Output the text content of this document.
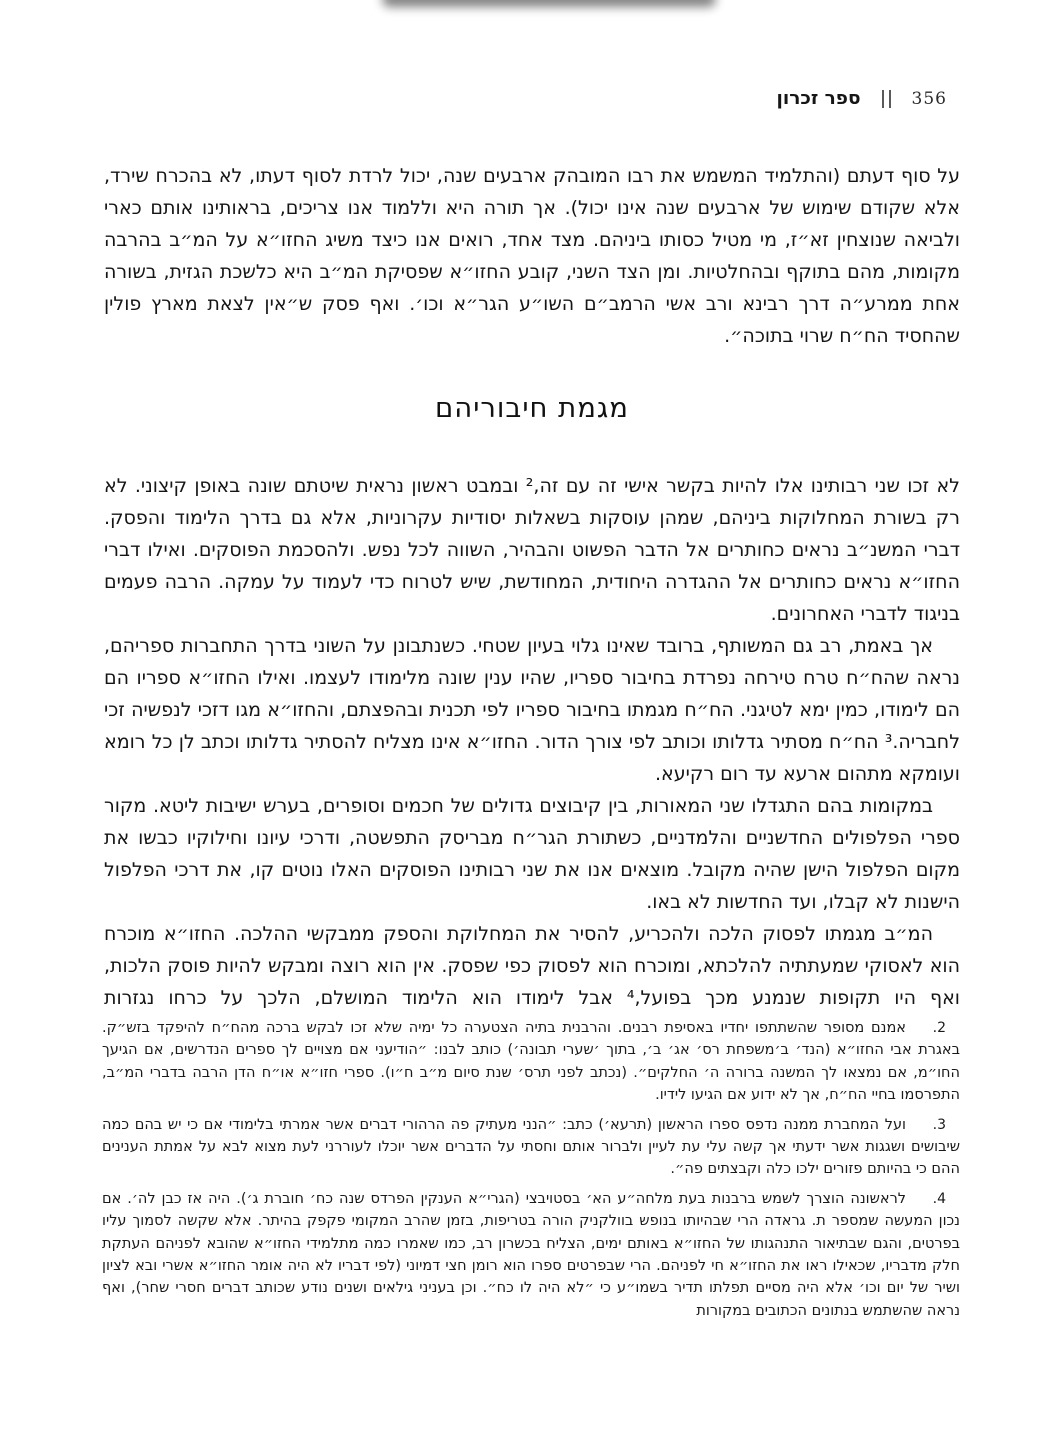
356
ספר זכרון

על סוף דעתם (והתלמיד המשמש את רבו המובהק ארבעים שנה, יכול לרדת לסוף דעתו, לא בהכרח שירד, אלא שקודם שימוש של ארבעים שנה אינו יכול). אך תורה היא וללמוד אנו צריכים, בראותינו אותם כארי ולביאה שנוצחין זא״ז, מי מטיל כסותו ביניהם. מצד אחד, רואים אנו כיצד משיג החזו״א על המ״ב בהרבה מקומות, מהם בתוקף ובהחלטיות. ומן הצד השני, קובע החזו״א שפסיקת המ״ב היא כלשכת הגזית, בשורה אחת ממרע״ה דרך רבינא ורב אשי הרמב״ם השו״ע הגר״א וכו׳. ואף פסק ש״אין לצאת מארץ פולין שהחסיד הח״ח שרוי בתוכה״.

מגמת חיבוריהם

לא זכו שני רבותינו אלו להיות בקשר אישי זה עם זה,² ובמבט ראשון נראית שיטתם שונה באופן קיצוני. לא רק בשורת המחלוקות ביניהם, שמהן עוסקות בשאלות יסודיות עקרוניות, אלא גם בדרך הלימוד והפסק. דברי המשנ״ב נראים כחותרים אל הדבר הפשוט והבהיר, השווה לכל נפש. ולהסכמת הפוסקים. ואילו דברי החזו״א נראים כחותרים אל ההגדרה היחודית, המחודשת, שיש לטרוח כדי לעמוד על עמקה. הרבה פעמים בניגוד לדברי האחרונים.

אך באמת, רב גם המשותף, ברובד שאינו גלוי בעיון שטחי. כשנתבונן על השוני בדרך התחברות ספריהם, נראה שהח״ח טרח טירחה נפרדת בחיבור ספריו, שהיו ענין שונה מלימודו לעצמו. ואילו החזו״א ספריו הם הם לימודו, כמין ימא לטיגני. הח״ח מגמתו בחיבור ספריו לפי תכנית ובהפצתם, והחזו״א מגו דזכי לנפשיה זכי לחבריה.³ הח״ח מסתיר גדלותו וכותב לפי צורך הדור. החזו״א אינו מצליח להסתיר גדלותו וכתב לן כל רומא ועומקא מתהום ארעא עד רום רקיעא.

במקומות בהם התגדלו שני המאורות, בין קיבוצים גדולים של חכמים וסופרים, בערש ישיבות ליטא. מקור ספרי הפלפולים החדשניים והלמדניים, כשתורת הגר״ח מבריסק התפשטה, ודרכי עיונו וחילוקיו כבשו את מקום הפלפול הישן שהיה מקובל. מוצאים אנו את שני רבותינו הפוסקים האלו נוטים קו, את דרכי הפלפול הישנות לא קבלו, ועד החדשות לא באו.

המ״ב מגמתו לפסוק הלכה ולהכריע, להסיר את המחלוקת והספק ממבקשי ההלכה. החזו״א מוכרח הוא לאסוקי שמעתתיה להלכתא, ומוכרח הוא לפסוק כפי שפסק. אין הוא רוצה ומבקש להיות פוסק הלכות, ואף היו תקופות שנמנע מכך בפועל,⁴ אבל לימודו הוא הלימוד המושלם, הלכך על כרחו נגזרות

2.
אמנם מסופר שהשתתפו יחדיו באסיפת רבנים. והרבנית בתיה הצטערה כל ימיה שלא זכו לבקש ברכה מהח״ח להיפקד בזש״ק. באגרת אבי החזו״א (הנד׳ ב׳משפחת רס׳ אג׳ ב׳, בתוך ׳שערי תבונה׳) כותב לבנו: ״הודיעני אם מצויים לך ספרים הנדרשים, אם הגיעך החו״מ, אם נמצאו לך המשנה ברורה ה׳ החלקים״. (נכתב לפני תרס׳ שנת סיום מ״ב ח״ו). ספרי חזו״א או״ח הדן הרבה בדברי המ״ב, התפרסמו בחיי הח״ח, אך לא ידוע אם הגיעו לידיו.
3.
ועל המחברת ממנה נדפס ספרו הראשון (תרעא׳) כתב: ״הנני מעתיק פה הרהורי דברים אשר אמרתי בלימודי אם כי יש בהם כמה שיבושים ושגגות אשר ידעתי אך קשה עלי עת לעיין ולברור אותם וחסתי על הדברים אשר יוכלו לעוררני לעת מצוא לבא על אמתת הענינים ההם כי בהיותם פזורים ילכו כלה וקבצתים פה״.
4.
לראשונה הוצרך לשמש ברבנות בעת מלחה״ע הא׳ בסטויבצי (הגרי״א הענקין הפרדס שנה כח׳ חוברת ג׳). היה אז כבן לה׳. אם נכון המעשה שמספר ת. גראדה הרי שבהיותו בנופש בוולקניק הורה בטריפות, בזמן שהרב המקומי פקפק בהיתר. אלא שקשה לסמוך עליו בפרטים, והגם שבתיאור התנהגותו של החזו״א באותם ימים, הצליח בכשרון רב, כמו שאמרו כמה מתלמידי החזו״א שהובא לפניהם העתקת חלק מדבריו, שכאילו ראו את החזו״א חי לפניהם. הרי שבפרטים ספרו הוא רומן חצי דמיוני (לפי דבריו לא היה אומר החזו״א אשרי ובא לציון ושיר של יום וכו׳ אלא היה מסיים תפלתו תדיר בשמו״ע כי ״לא היה לו כח״. וכן בעניני גילאים ושנים נודע שכותב דברים חסרי שחר), ואף נראה שהשתמש בנתונים הכתובים במקורות
